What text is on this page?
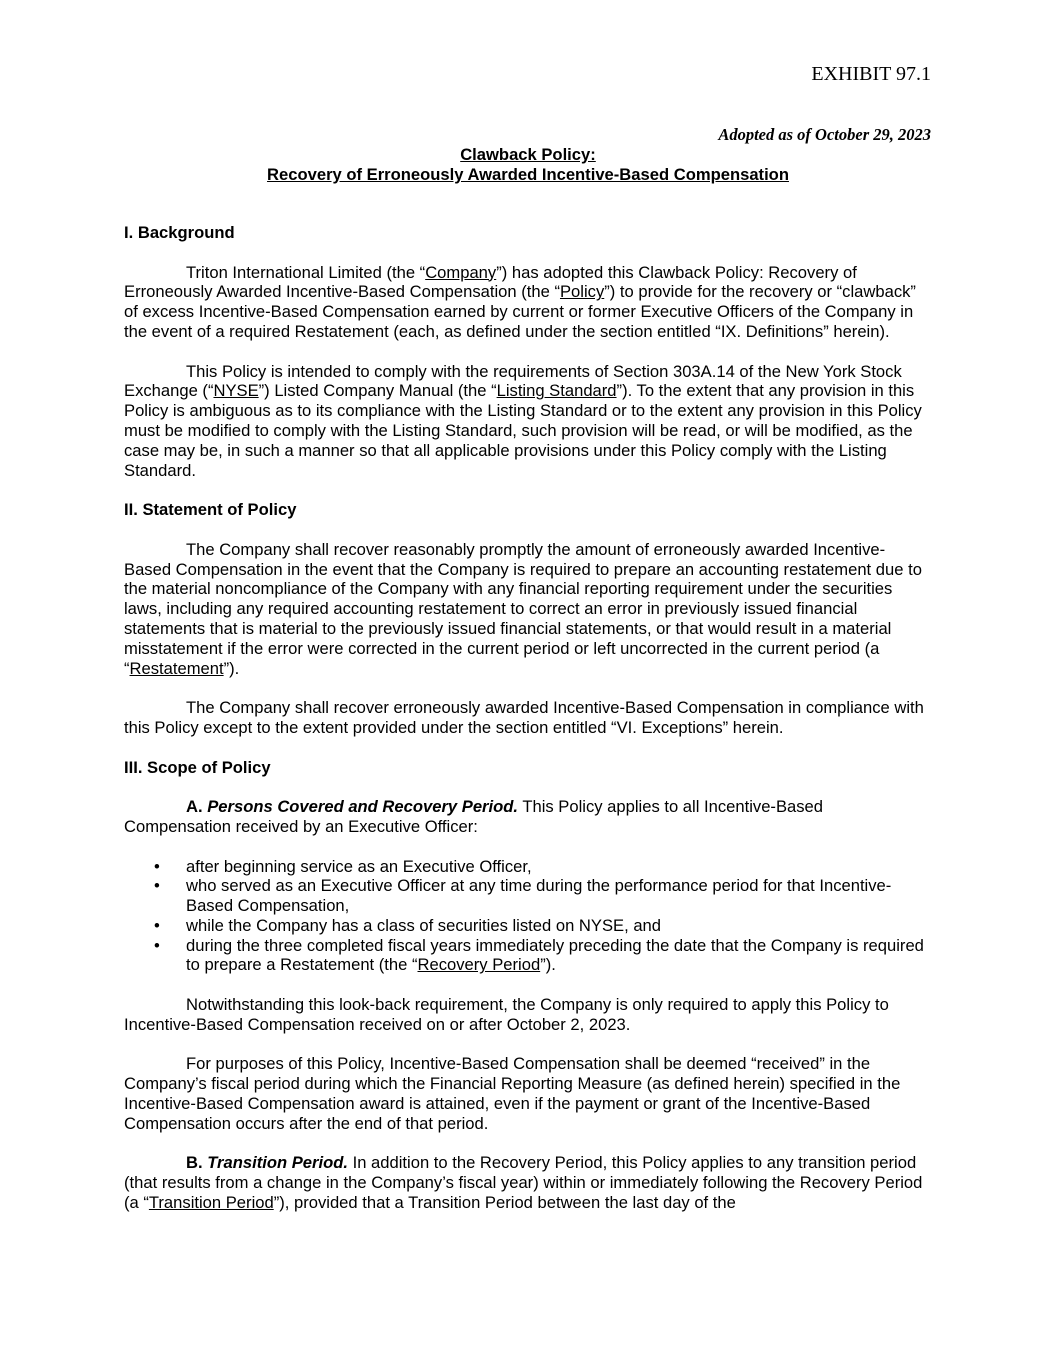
EXHIBIT 97.1
Adopted as of October 29, 2023
Clawback Policy:
Recovery of Erroneously Awarded Incentive-Based Compensation
I. Background

Triton International Limited (the “Company”) has adopted this Clawback Policy: Recovery of Erroneously Awarded Incentive-Based Compensation (the “Policy”) to provide for the recovery or “clawback” of excess Incentive-Based Compensation earned by current or former Executive Officers of the Company in the event of a required Restatement (each, as defined under the section entitled “IX. Definitions” herein).

This Policy is intended to comply with the requirements of Section 303A.14 of the New York Stock Exchange (“NYSE”) Listed Company Manual (the “Listing Standard”). To the extent that any provision in this Policy is ambiguous as to its compliance with the Listing Standard or to the extent any provision in this Policy must be modified to comply with the Listing Standard, such provision will be read, or will be modified, as the case may be, in such a manner so that all applicable provisions under this Policy comply with the Listing Standard.

II. Statement of Policy

The Company shall recover reasonably promptly the amount of erroneously awarded Incentive-Based Compensation in the event that the Company is required to prepare an accounting restatement due to the material noncompliance of the Company with any financial reporting requirement under the securities laws, including any required accounting restatement to correct an error in previously issued financial statements that is material to the previously issued financial statements, or that would result in a material misstatement if the error were corrected in the current period or left uncorrected in the current period (a “Restatement”).

The Company shall recover erroneously awarded Incentive-Based Compensation in compliance with this Policy except to the extent provided under the section entitled “VI. Exceptions” herein.

III. Scope of Policy

A. Persons Covered and Recovery Period. This Policy applies to all Incentive-Based Compensation received by an Executive Officer:

• after beginning service as an Executive Officer,
• who served as an Executive Officer at any time during the performance period for that Incentive-Based Compensation,
• while the Company has a class of securities listed on NYSE, and
• during the three completed fiscal years immediately preceding the date that the Company is required to prepare a Restatement (the “Recovery Period”).

Notwithstanding this look-back requirement, the Company is only required to apply this Policy to Incentive-Based Compensation received on or after October 2, 2023.

For purposes of this Policy, Incentive-Based Compensation shall be deemed “received” in the Company’s fiscal period during which the Financial Reporting Measure (as defined herein) specified in the Incentive-Based Compensation award is attained, even if the payment or grant of the Incentive-Based Compensation occurs after the end of that period.

B. Transition Period. In addition to the Recovery Period, this Policy applies to any transition period (that results from a change in the Company’s fiscal year) within or immediately following the Recovery Period (a “Transition Period”), provided that a Transition Period between the last day of the
